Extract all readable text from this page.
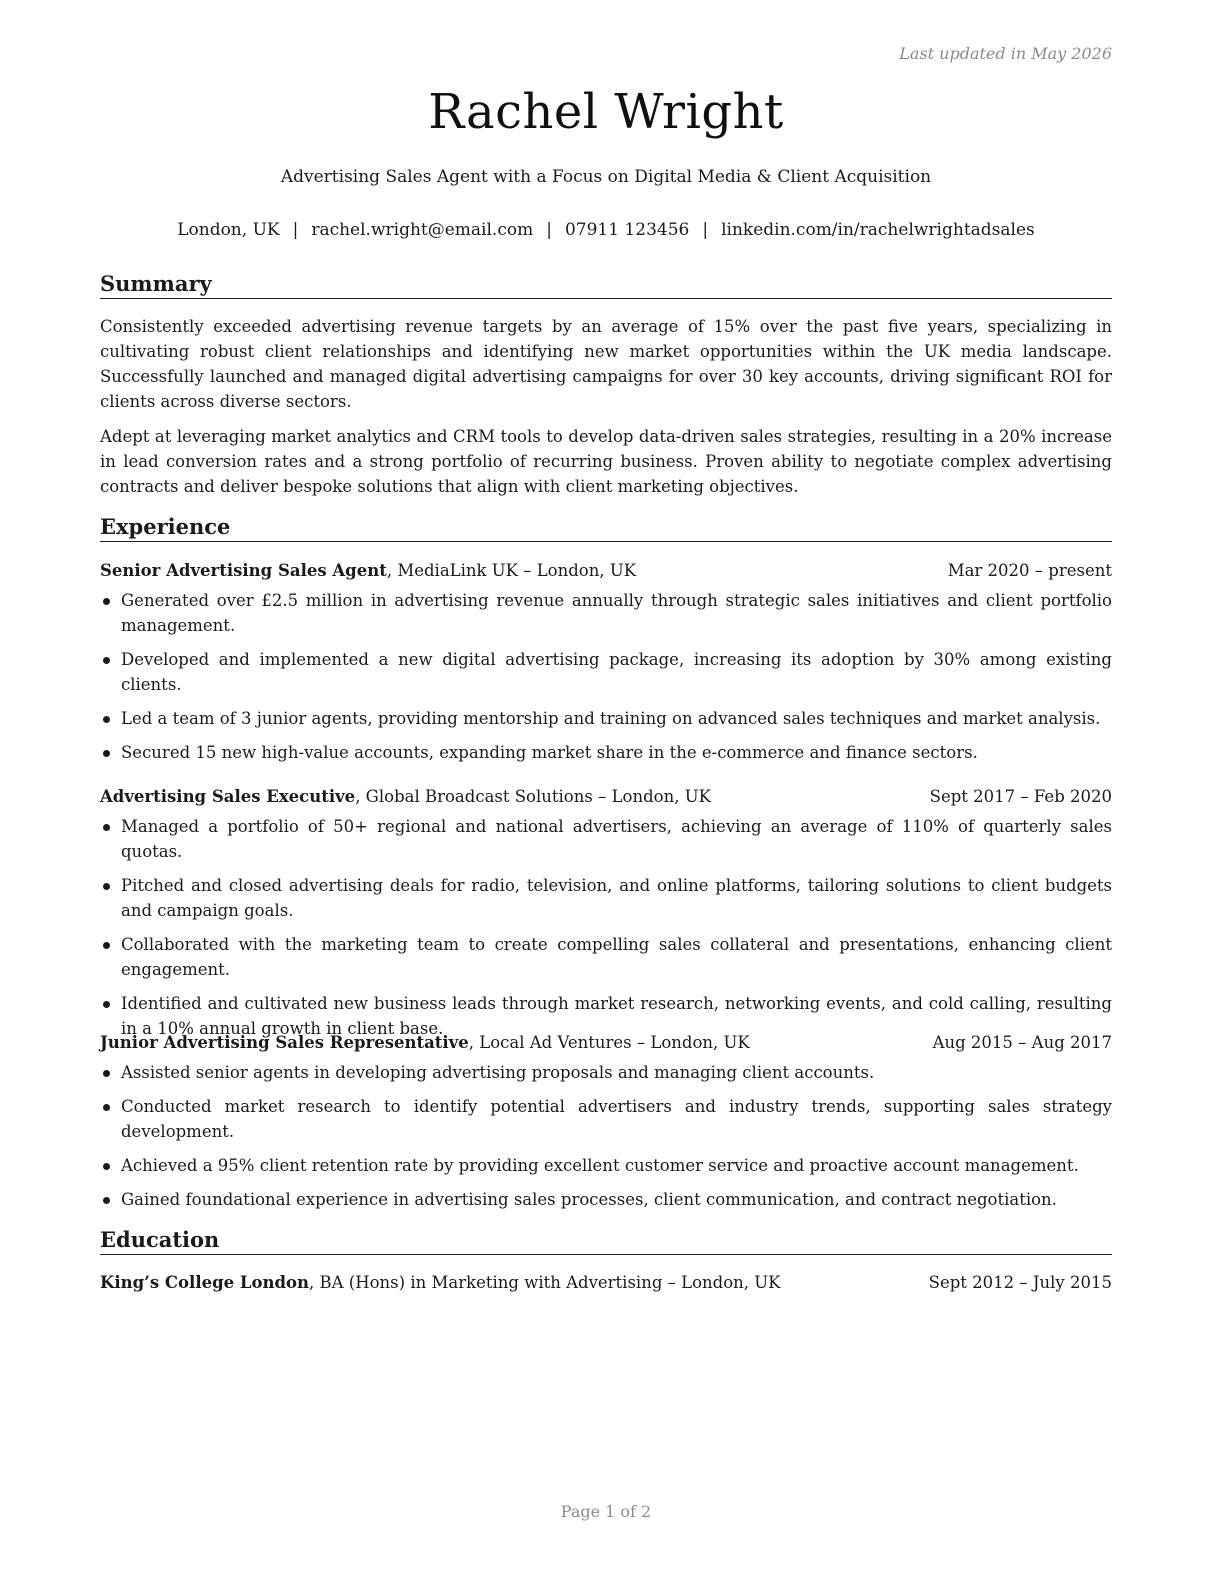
Last updated in May 2026
Rachel Wright
Advertising Sales Agent with a Focus on Digital Media & Client Acquisition
London, UK | rachel.wright@email.com | 07911 123456 | linkedin.com/in/rachelwrightadsales
Summary
Consistently exceeded advertising revenue targets by an average of 15% over the past five years, specializing in cultivating robust client relationships and identifying new market opportunities within the UK media landscape. Successfully launched and managed digital advertising campaigns for over 30 key accounts, driving significant ROI for clients across diverse sectors.
Adept at leveraging market analytics and CRM tools to develop data-driven sales strategies, resulting in a 20% increase in lead conversion rates and a strong portfolio of recurring business. Proven ability to negotiate complex advertising contracts and deliver bespoke solutions that align with client marketing objectives.
Experience
Senior Advertising Sales Agent, MediaLink UK – London, UK	Mar 2020 – present
Generated over £2.5 million in advertising revenue annually through strategic sales initiatives and client portfolio management.
Developed and implemented a new digital advertising package, increasing its adoption by 30% among existing clients.
Led a team of 3 junior agents, providing mentorship and training on advanced sales techniques and market analysis.
Secured 15 new high-value accounts, expanding market share in the e-commerce and finance sectors.
Advertising Sales Executive, Global Broadcast Solutions – London, UK	Sept 2017 – Feb 2020
Managed a portfolio of 50+ regional and national advertisers, achieving an average of 110% of quarterly sales quotas.
Pitched and closed advertising deals for radio, television, and online platforms, tailoring solutions to client budgets and campaign goals.
Collaborated with the marketing team to create compelling sales collateral and presentations, enhancing client engagement.
Identified and cultivated new business leads through market research, networking events, and cold calling, resulting in a 10% annual growth in client base.
Junior Advertising Sales Representative, Local Ad Ventures – London, UK	Aug 2015 – Aug 2017
Assisted senior agents in developing advertising proposals and managing client accounts.
Conducted market research to identify potential advertisers and industry trends, supporting sales strategy development.
Achieved a 95% client retention rate by providing excellent customer service and proactive account management.
Gained foundational experience in advertising sales processes, client communication, and contract negotiation.
Education
King’s College London, BA (Hons) in Marketing with Advertising – London, UK	Sept 2012 – July 2015
Page 1 of 2
